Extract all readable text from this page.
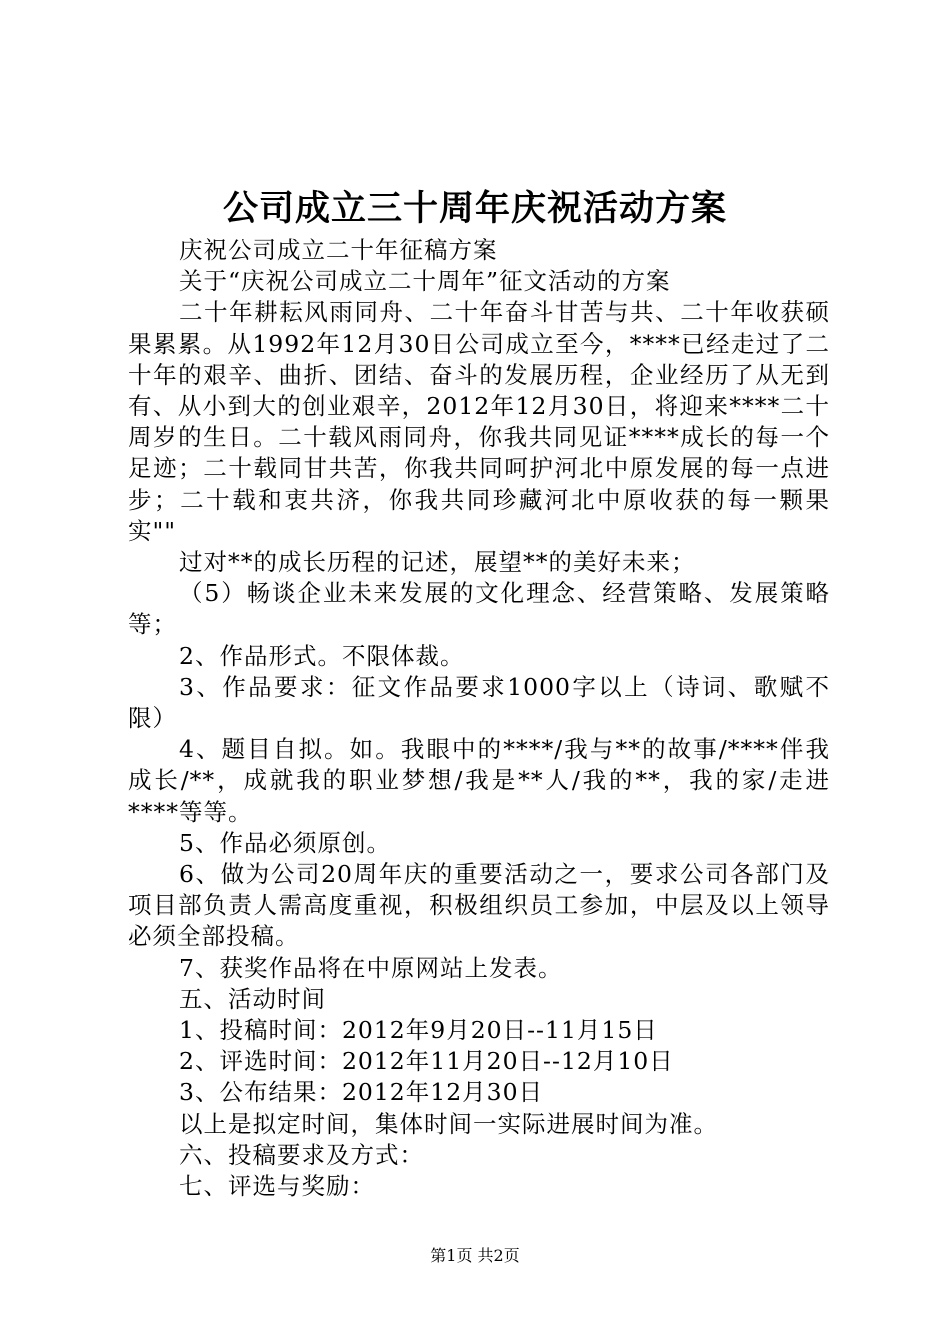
公司成立三十周年庆祝活动方案

庆祝公司成立二十年征稿方案

关于“庆祝公司成立二十周年”征文活动的方案

二十年耕耘风雨同舟、二十年奋斗甘苦与共、二十年收获硕果累累。从1992年12月30日公司成立至今，****已经走过了二十年的艰辛、曲折、团结、奋斗的发展历程，企业经历了从无到有、从小到大的创业艰辛，2012年12月30日，将迎来****二十周岁的生日。二十载风雨同舟，你我共同见证****成长的每一个足迹；二十载同甘共苦，你我共同呵护河北中原发展的每一点进步；二十载和衷共济，你我共同珍藏河北中原收获的每一颗果实""

过对**的成长历程的记述，展望**的美好未来；

（5）畅谈企业未来发展的文化理念、经营策略、发展策略等；

2、作品形式。不限体裁。

3、作品要求：征文作品要求1000字以上（诗词、歌赋不限）

4、题目自拟。如。我眼中的****/我与**的故事/****伴我成长/**，成就我的职业梦想/我是**人/我的**，我的家/走进****等等。

5、作品必须原创。

6、做为公司20周年庆的重要活动之一，要求公司各部门及项目部负责人需高度重视，积极组织员工参加，中层及以上领导必须全部投稿。

7、获奖作品将在中原网站上发表。

五、活动时间

1、投稿时间：2012年9月20日--11月15日

2、评选时间：2012年11月20日--12月10日

3、公布结果：2012年12月30日

以上是拟定时间，集体时间一实际进展时间为准。

六、投稿要求及方式：

七、评选与奖励：

第1页 共2页
